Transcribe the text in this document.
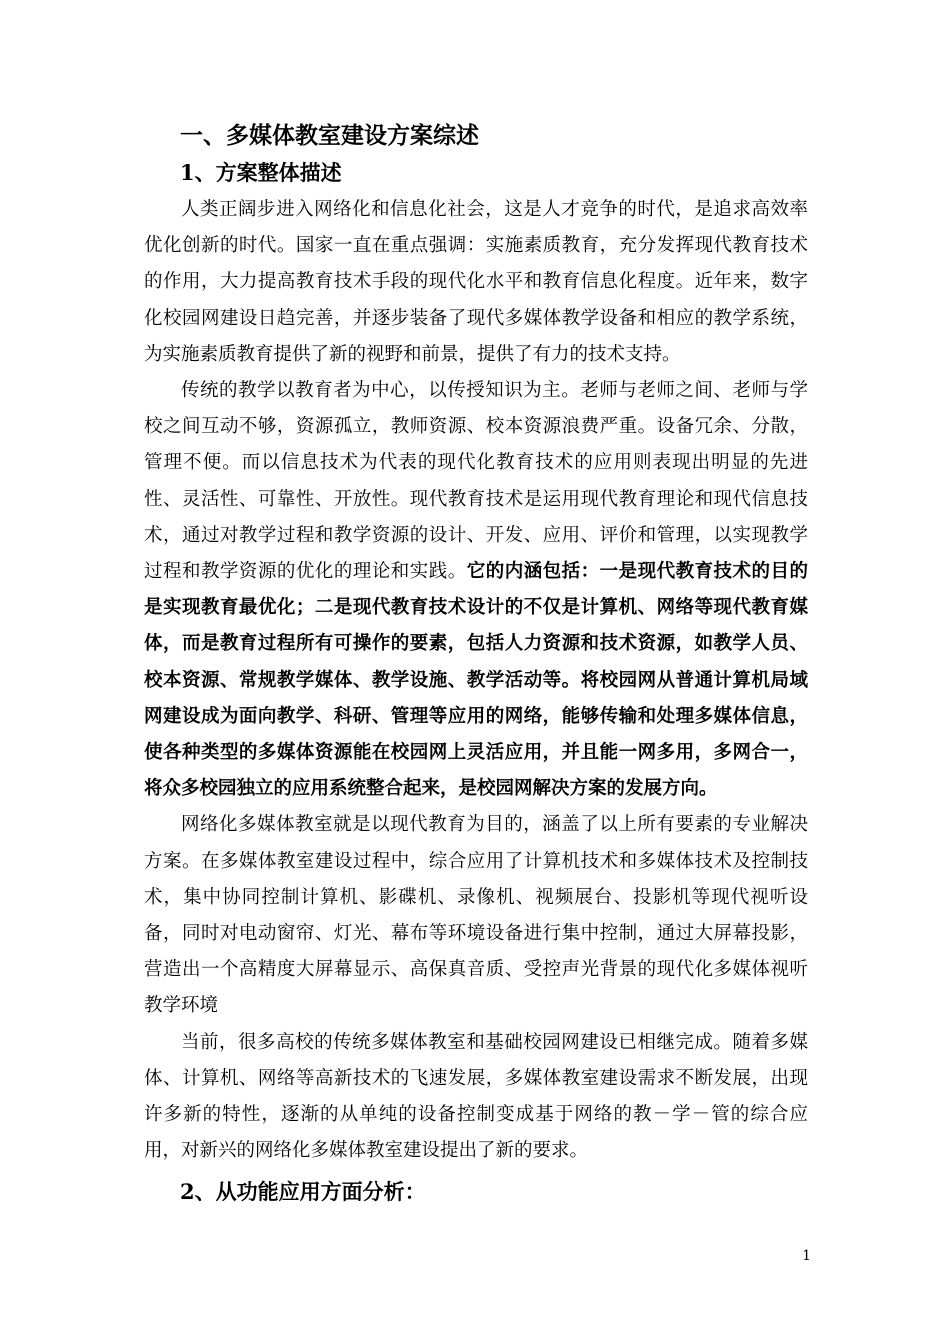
一、多媒体教室建设方案综述
1、方案整体描述

人类正阔步进入网络化和信息化社会，这是人才竞争的时代，是追求高效率优化创新的时代。国家一直在重点强调：实施素质教育，充分发挥现代教育技术的作用，大力提高教育技术手段的现代化水平和教育信息化程度。近年来，数字化校园网建设日趋完善，并逐步装备了现代多媒体教学设备和相应的教学系统，为实施素质教育提供了新的视野和前景，提供了有力的技术支持。

传统的教学以教育者为中心，以传授知识为主。老师与老师之间、老师与学校之间互动不够，资源孤立，教师资源、校本资源浪费严重。设备冗余、分散，管理不便。而以信息技术为代表的现代化教育技术的应用则表现出明显的先进性、灵活性、可靠性、开放性。现代教育技术是运用现代教育理论和现代信息技术，通过对教学过程和教学资源的设计、开发、应用、评价和管理，以实现教学过程和教学资源的优化的理论和实践。它的内涵包括：一是现代教育技术的目的是实现教育最优化；二是现代教育技术设计的不仅是计算机、网络等现代教育媒体，而是教育过程所有可操作的要素，包括人力资源和技术资源，如教学人员、校本资源、常规教学媒体、教学设施、教学活动等。将校园网从普通计算机局域网建设成为面向教学、科研、管理等应用的网络，能够传输和处理多媒体信息，使各种类型的多媒体资源能在校园网上灵活应用，并且能一网多用，多网合一，将众多校园独立的应用系统整合起来，是校园网解决方案的发展方向。

网络化多媒体教室就是以现代教育为目的，涵盖了以上所有要素的专业解决方案。在多媒体教室建设过程中，综合应用了计算机技术和多媒体技术及控制技术，集中协同控制计算机、影碟机、录像机、视频展台、投影机等现代视听设备，同时对电动窗帘、灯光、幕布等环境设备进行集中控制，通过大屏幕投影，营造出一个高精度大屏幕显示、高保真音质、受控声光背景的现代化多媒体视听教学环境

当前，很多高校的传统多媒体教室和基础校园网建设已相继完成。随着多媒体、计算机、网络等高新技术的飞速发展，多媒体教室建设需求不断发展，出现许多新的特性，逐渐的从单纯的设备控制变成基于网络的教－学－管的综合应用，对新兴的网络化多媒体教室建设提出了新的要求。

2、从功能应用方面分析：
1
